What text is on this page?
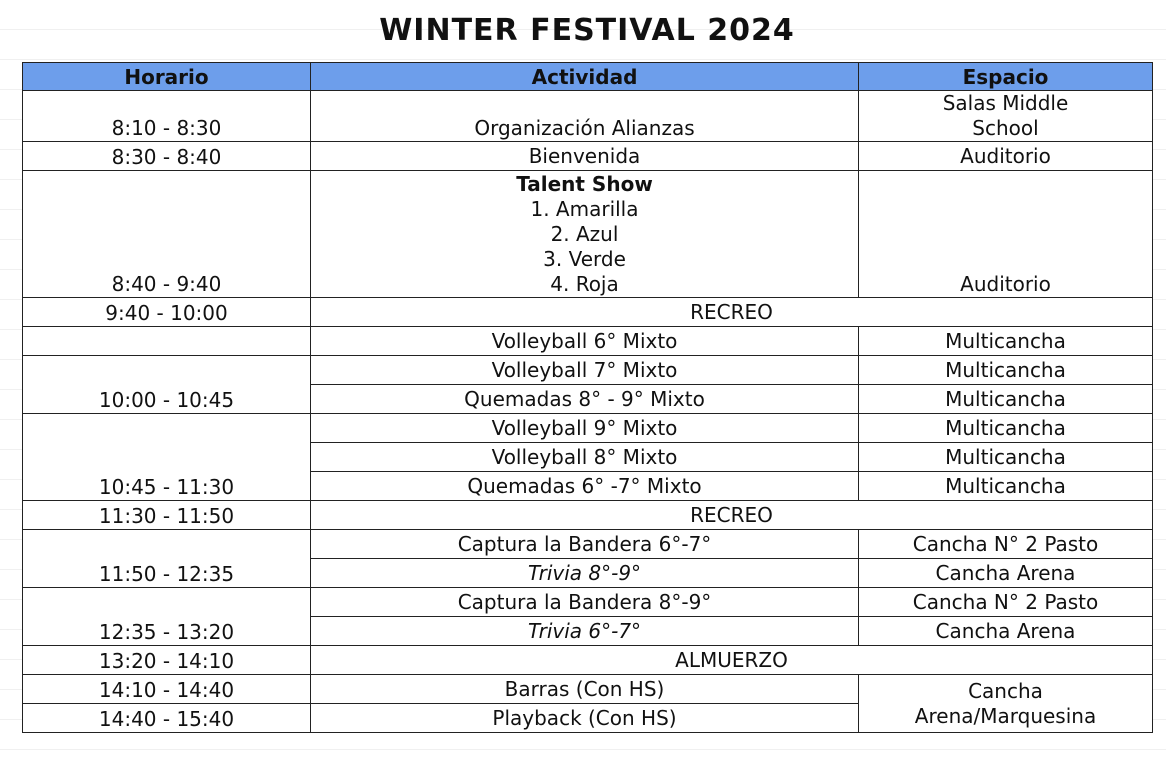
WINTER FESTIVAL 2024
Horario	Actividad	Espacio
8:10 - 8:30	Organización Alianzas	Salas Middle
School

8:30 - 8:40	Bienvenida	Auditorio
8:40 - 9:40	Talent Show
1. Amarilla
2. Azul
3. Verde
4. Roja	Auditorio
9:40 - 10:00	RECREO	
	Volleyball 6° Mixto	Multicancha
10:00 - 10:45	Volleyball 7° Mixto	Multicancha
	Quemadas 8° - 9° Mixto	Multicancha
10:45 - 11:30	Volleyball 9° Mixto	Multicancha
	Volleyball 8° Mixto	Multicancha
	Quemadas 6° -7° Mixto	Multicancha
11:30 - 11:50	RECREO	
11:50 - 12:35	Captura la Bandera 6°-7°	Cancha N° 2 Pasto
	Trivia 8°-9°	Cancha Arena
12:35 - 13:20	Captura la Bandera 8°-9°	Cancha N° 2 Pasto
	Trivia 6°-7°	Cancha Arena
13:20 - 14:10	ALMUERZO	
14:10 - 14:40	Barras (Con HS)	Cancha
Arena/Marquesina

14:40 - 15:40	Playback (Con HS)	
